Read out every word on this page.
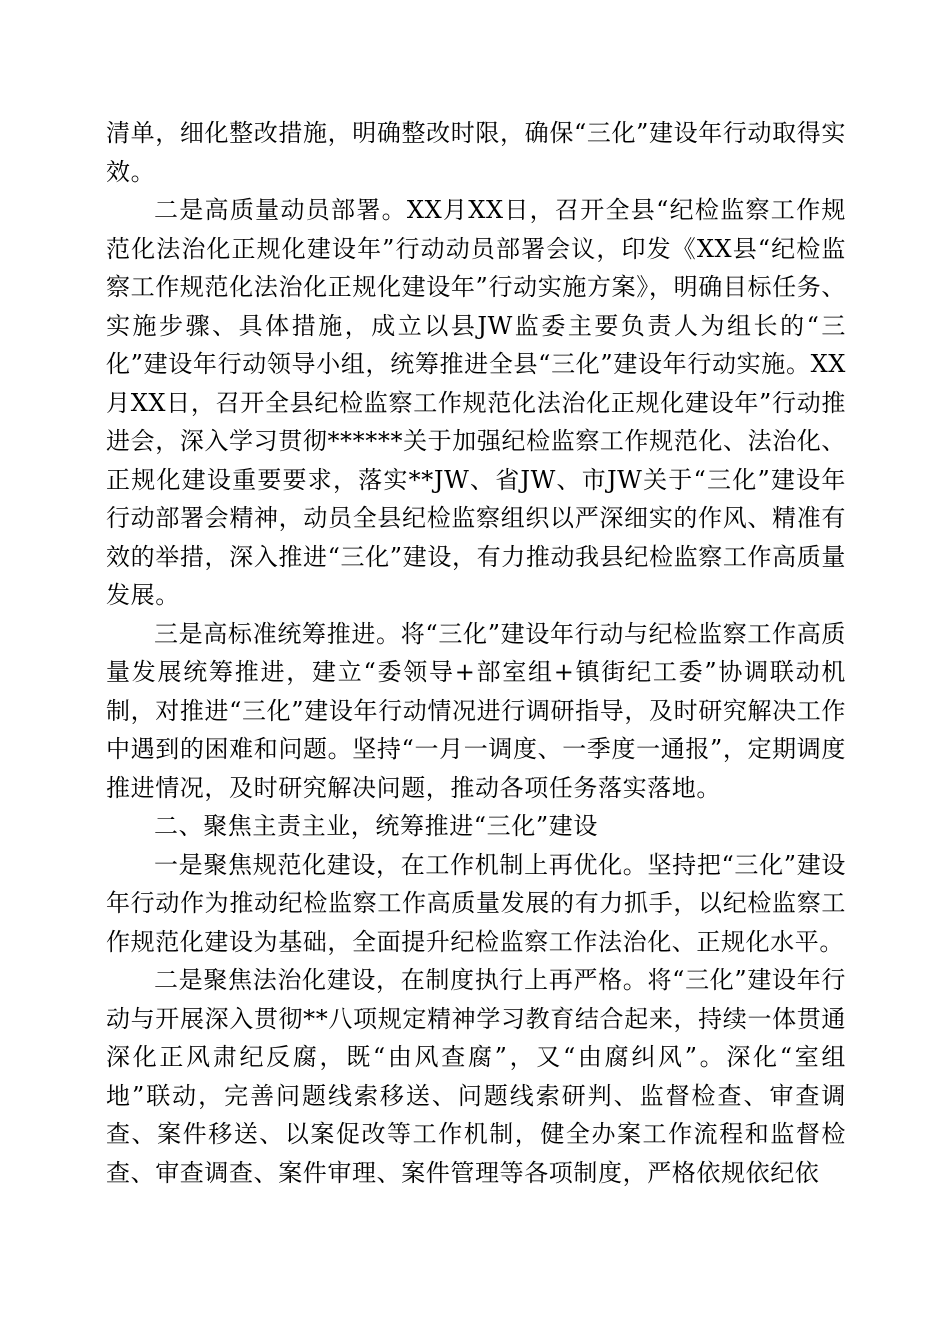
清单，细化整改措施，明确整改时限，确保“三化”建设年行动取得实效。

二是高质量动员部署。XX月XX日，召开全县“纪检监察工作规范化法治化正规化建设年”行动动员部署会议，印发《XX县“纪检监察工作规范化法治化正规化建设年”行动实施方案》，明确目标任务、实施步骤、具体措施，成立以县JW监委主要负责人为组长的“三化”建设年行动领导小组，统筹推进全县“三化”建设年行动实施。XX月XX日，召开全县纪检监察工作规范化法治化正规化建设年”行动推进会，深入学习贯彻******关于加强纪检监察工作规范化、法治化、正规化建设重要要求，落实**JW、省JW、市JW关于“三化”建设年行动部署会精神，动员全县纪检监察组织以严深细实的作风、精准有效的举措，深入推进“三化”建设，有力推动我县纪检监察工作高质量发展。

三是高标准统筹推进。将“三化”建设年行动与纪检监察工作高质量发展统筹推进，建立“委领导+部室组+镇街纪工委”协调联动机制，对推进“三化”建设年行动情况进行调研指导，及时研究解决工作中遇到的困难和问题。坚持“一月一调度、一季度一通报”，定期调度推进情况，及时研究解决问题，推动各项任务落实落地。

二、聚焦主责主业，统筹推进“三化”建设

一是聚焦规范化建设，在工作机制上再优化。坚持把“三化”建设年行动作为推动纪检监察工作高质量发展的有力抓手，以纪检监察工作规范化建设为基础，全面提升纪检监察工作法治化、正规化水平。

二是聚焦法治化建设，在制度执行上再严格。将“三化”建设年行动与开展深入贯彻**八项规定精神学习教育结合起来，持续一体贯通深化正风肃纪反腐，既“由风查腐”，又“由腐纠风”。深化“室组地”联动，完善问题线索移送、问题线索研判、监督检查、审查调查、案件移送、以案促改等工作机制，健全办案工作流程和监督检查、审查调查、案件审理、案件管理等各项制度，严格依规依纪依
